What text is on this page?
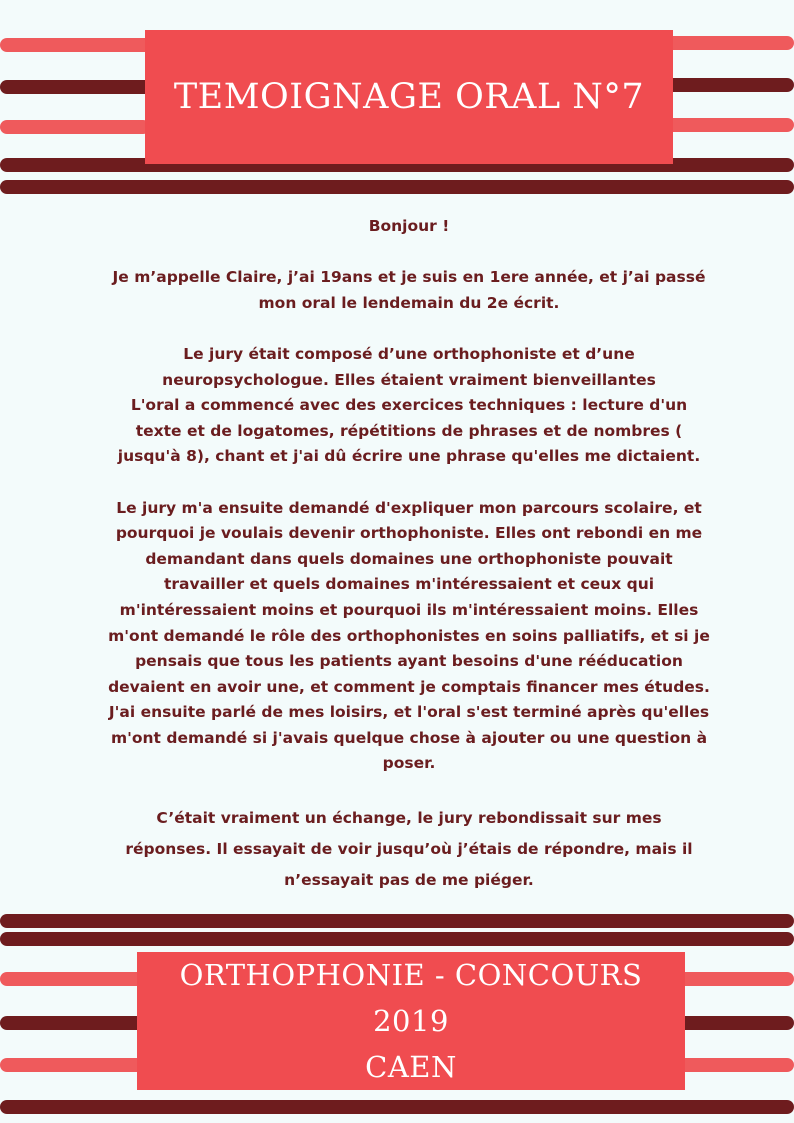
TEMOIGNAGE ORAL N°7

Bonjour !

Je m’appelle Claire, j’ai 19ans et je suis en 1ere année, et j’ai passé
mon oral le lendemain du 2e écrit.

Le jury était composé d’une orthophoniste et d’une
neuropsychologue. Elles étaient vraiment bienveillantes
L'oral a commencé avec des exercices techniques : lecture d'un
texte et de logatomes, répétitions de phrases et de nombres (
jusqu'à 8), chant et j'ai dû écrire une phrase qu'elles me dictaient.

Le jury m'a ensuite demandé d'expliquer mon parcours scolaire, et
pourquoi je voulais devenir orthophoniste. Elles ont rebondi en me
demandant dans quels domaines une orthophoniste pouvait
travailler et quels domaines m'intéressaient et ceux qui
m'intéressaient moins et pourquoi ils m'intéressaient moins. Elles
m'ont demandé le rôle des orthophonistes en soins palliatifs, et si je
pensais que tous les patients ayant besoins d'une rééducation
devaient en avoir une, et comment je comptais financer mes études.
J'ai ensuite parlé de mes loisirs, et l'oral s'est terminé après qu'elles
m'ont demandé si j'avais quelque chose à ajouter ou une question à
poser.

C’était vraiment un échange, le jury rebondissait sur mes
réponses. Il essayait de voir jusqu’où j’étais de répondre, mais il
n’essayait pas de me piéger.

ORTHOPHONIE - CONCOURS 2019
CAEN
